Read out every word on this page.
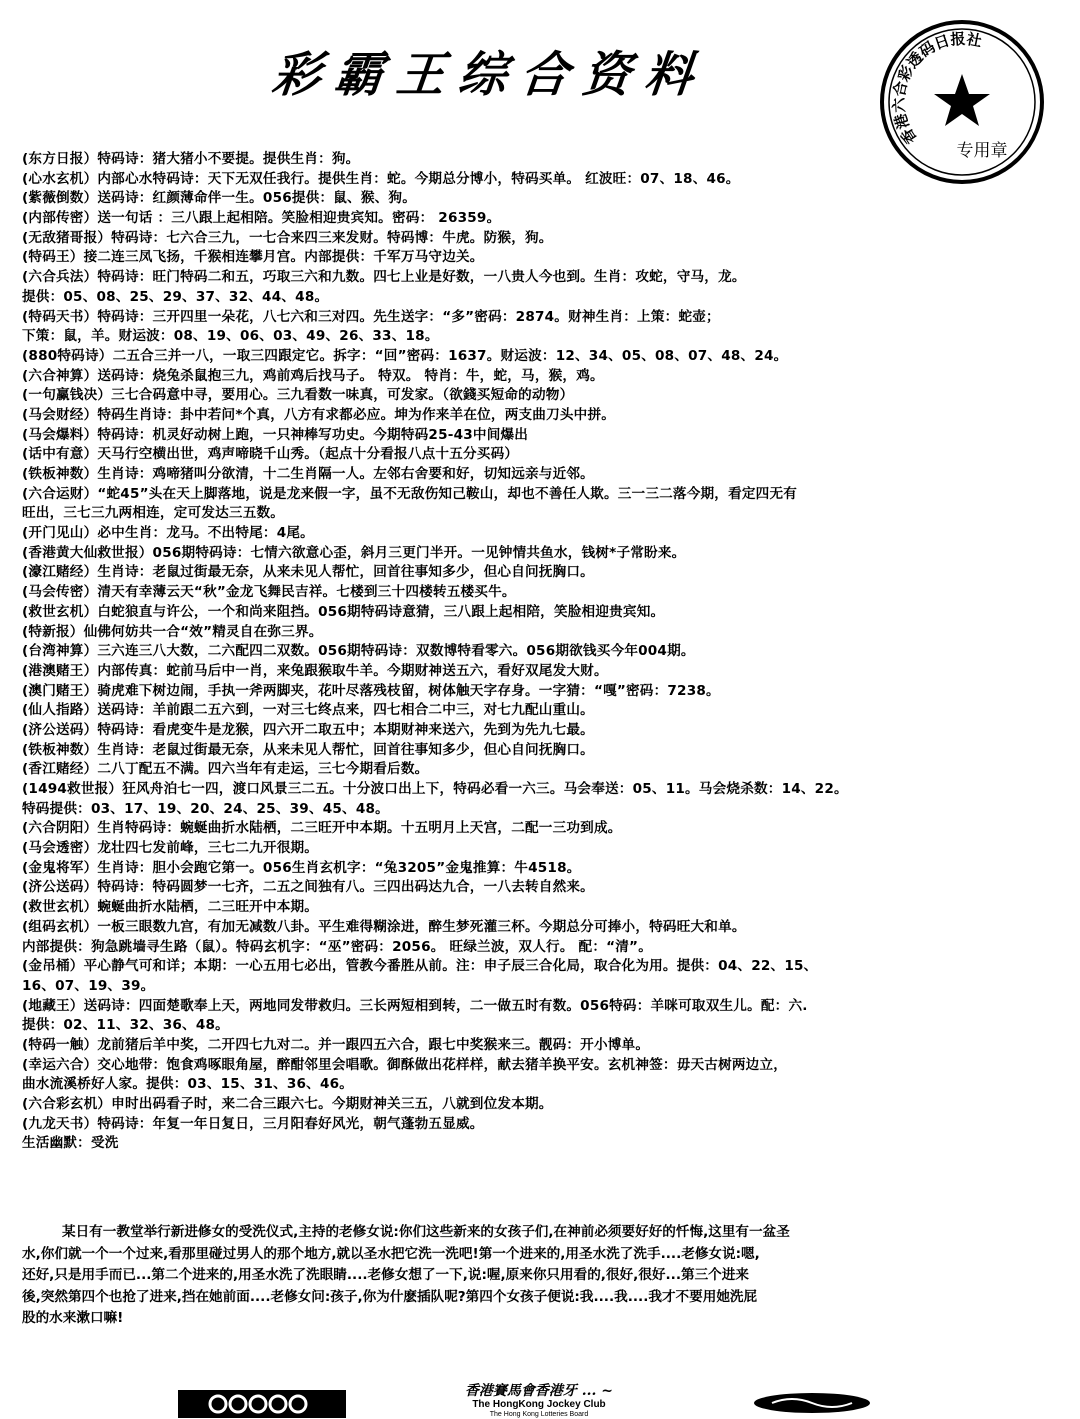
彩霸王综合资料
香港六合彩透码日报社
专用章
(东方日报）特码诗：猪大猪小不要提。提供生肖：狗。
(心水玄机）内部心水特码诗：天下无双任我行。提供生肖：蛇。今期总分博小，特码买单。 红波旺：07、18、46。
(紫薇倒数）送码诗：红颜薄命伴一生。056提供：鼠、猴、狗。
(内部传密）送一句话 ：三八跟上起相陪。笑脸相迎贵宾知。密码： 26359。
(无敌猪哥报）特码诗：七六合三九，一七合来四三来发财。特码博：牛虎。防猴，狗。
(特码王）接二连三凤飞扬，千猴相连攀月宫。内部提供：千军万马守边关。
(六合兵法）特码诗：旺门特码二和五，巧取三六和九数。四七上业是好数，一八贵人今也到。生肖：攻蛇，守马，龙。
提供：05、08、25、29、37、32、44、48。
(特码天书）特码诗：三开四里一朵花，八七六和三对四。先生送字：“多”密码：2874。财神生肖：上策：蛇壶；
下策：鼠，羊。财运波：08、19、06、03、49、26、33、18。
(880特码诗）二五合三并一八，一取三四跟定它。拆字：“回”密码：1637。财运波：12、34、05、08、07、48、24。
(六合神算）送码诗：烧兔杀鼠抱三九，鸡前鸡后找马子。 特双。 特肖：牛，蛇，马，猴，鸡。
(一句赢钱决）三七合码意中寻，要用心。三九看数一味真，可发家。（欲錢买短命的动物）
(马会财经）特码生肖诗：卦中若问*个真，八方有求都必应。坤为作来羊在位，两支曲刀头中拼。
(马会爆料）特码诗：机灵好动树上跑，一只神棒写功史。今期特码25-43中间爆出
(话中有意）天马行空横出世，鸡声啼晓千山秀。（起点十分看报八点十五分买码）
(铁板神数）生肖诗：鸡啼猪叫分欲清，十二生肖隔一人。左邻右舍要和好，切知远亲与近邻。
(六合运财）“蛇45”头在天上脚落地，说是龙来假一字，虽不无敌伤知己鞍山，却也不善任人欺。三一三二落今期，看定四无有
旺出，三七三九两相连，定可发达三五数。
(开门见山）必中生肖：龙马。不出特尾：4尾。
(香港黄大仙救世报）056期特码诗：七情六欲意心歪，斜月三更门半开。一见钟情共鱼水，钱树*子常盼来。
(濠江赌经）生肖诗：老鼠过街最无奈，从来未见人帮忙，回首往事知多少，但心自问抚胸口。
(马会传密）清天有幸薄云天“秋”金龙飞舞民吉祥。七楼到三十四楼转五楼买牛。
(救世玄机）白蛇狼直与许公，一个和尚来阻挡。056期特码诗意猜，三八跟上起相陪，笑脸相迎贵宾知。
(特新报）仙佛何妨共一合“效”精灵自在弥三界。
(台湾神算）三六连三八大数，二六配四二双数。056期特码诗：双数博特看零六。056期欲钱买今年004期。
(港澳赌王）内部传真：蛇前马后中一肖，来兔跟猴取牛羊。今期财神送五六，看好双尾发大财。
(澳门赌王）骑虎难下树边闹，手执一斧两脚夹，花叶尽落残枝留，树体触天字存身。一字猜：“嘎”密码：7238。
(仙人指路）送码诗：羊前跟二五六到，一对三七终点来，四七相合二中三，对七九配山重山。
(济公送码）特码诗：看虎变牛是龙猴，四六开二取五中；本期财神来送六，先到为先九七最。
(铁板神数）生肖诗：老鼠过街最无奈，从来未见人帮忙，回首往事知多少，但心自问抚胸口。
(香江赌经）二八丁配五不满。四六当年有走运，三七今期看后数。
(1494救世报）狂风舟泊七一四，渡口风景三二五。十分波口出上下，特码必看一六三。马会奉送：05、11。马会烧杀数：14、22。
特码提供：03、17、19、20、24、25、39、45、48。
(六合阴阳）生肖特码诗：蜿蜒曲折水陆栖，二三旺开中本期。十五明月上天宫，二配一三功到成。
(马会透密）龙壮四七发前峰，三七二九开很期。
(金鬼将军）生肖诗：胆小会跑它第一。056生肖玄机字：“兔3205”金鬼推算：牛4518。
(济公送码）特码诗：特码圆梦一七齐，二五之间独有八。三四出码达九合，一八去转自然来。
(救世玄机）蜿蜒曲折水陆栖，二三旺开中本期。
(组码玄机）一板三眼数九宫，有加无减数八卦。平生难得糊涂进，醉生梦死灌三杯。今期总分可捧小，特码旺大和单。
内部提供：狗急跳墙寻生路（鼠）。特码玄机字：“巫”密码：2056。 旺绿兰波，双人行。 配：“清”。
(金吊桶）平心静气可和详；本期：一心五用七必出，管教今番胜从前。注：申子辰三合化局，取合化为用。提供：04、22、15、
16、07、19、39。
(地藏王）送码诗：四面楚歌奉上天，两地同发带救归。三长两短相到转，二一做五时有数。056特码：羊咪可取双生儿。配：六.
提供：02、11、32、36、48。
(特码一触）龙前猪后羊中奖，二开四七九对二。并一跟四五六合，跟七中奖猴来三。靓码：开小博单。
(幸运六合）交心地带：饱食鸡啄眼角屋，醉酣邻里会唱歌。御酥做出花样样，献去猪羊换平安。玄机神签：毋天古树两边立，
曲水流溪桥好人家。提供：03、15、31、36、46。
(六合彩玄机）申时出码看子时，来二合三跟六七。今期财神关三五，八就到位发本期。
(九龙天书）特码诗：年复一年日复日，三月阳春好风光，朝气蓬勃五显威。
生活幽默：受洗
某日有一教堂举行新进修女的受洗仪式,主持的老修女说:你们这些新来的女孩子们,在神前必须要好好的忏悔,这里有一盆圣
水,你们就一个一个过来,看那里碰过男人的那个地方,就以圣水把它洗一洗吧!第一个进来的,用圣水洗了洗手....老修女说:嗯,
还好,只是用手而已...第二个进来的,用圣水洗了洗眼睛....老修女想了一下,说:喔,原来你只用看的,很好,很好...第三个进来
後,突然第四个也抢了进来,挡在她前面....老修女问:孩子,你为什麽插队呢?第四个女孩子便说:我....我....我才不要用她洗屁
股的水来漱口嘛!
香港賽馬會香港牙 ... ~
The HongKong Jockey Club
The Hong Kong Lotteries Board
